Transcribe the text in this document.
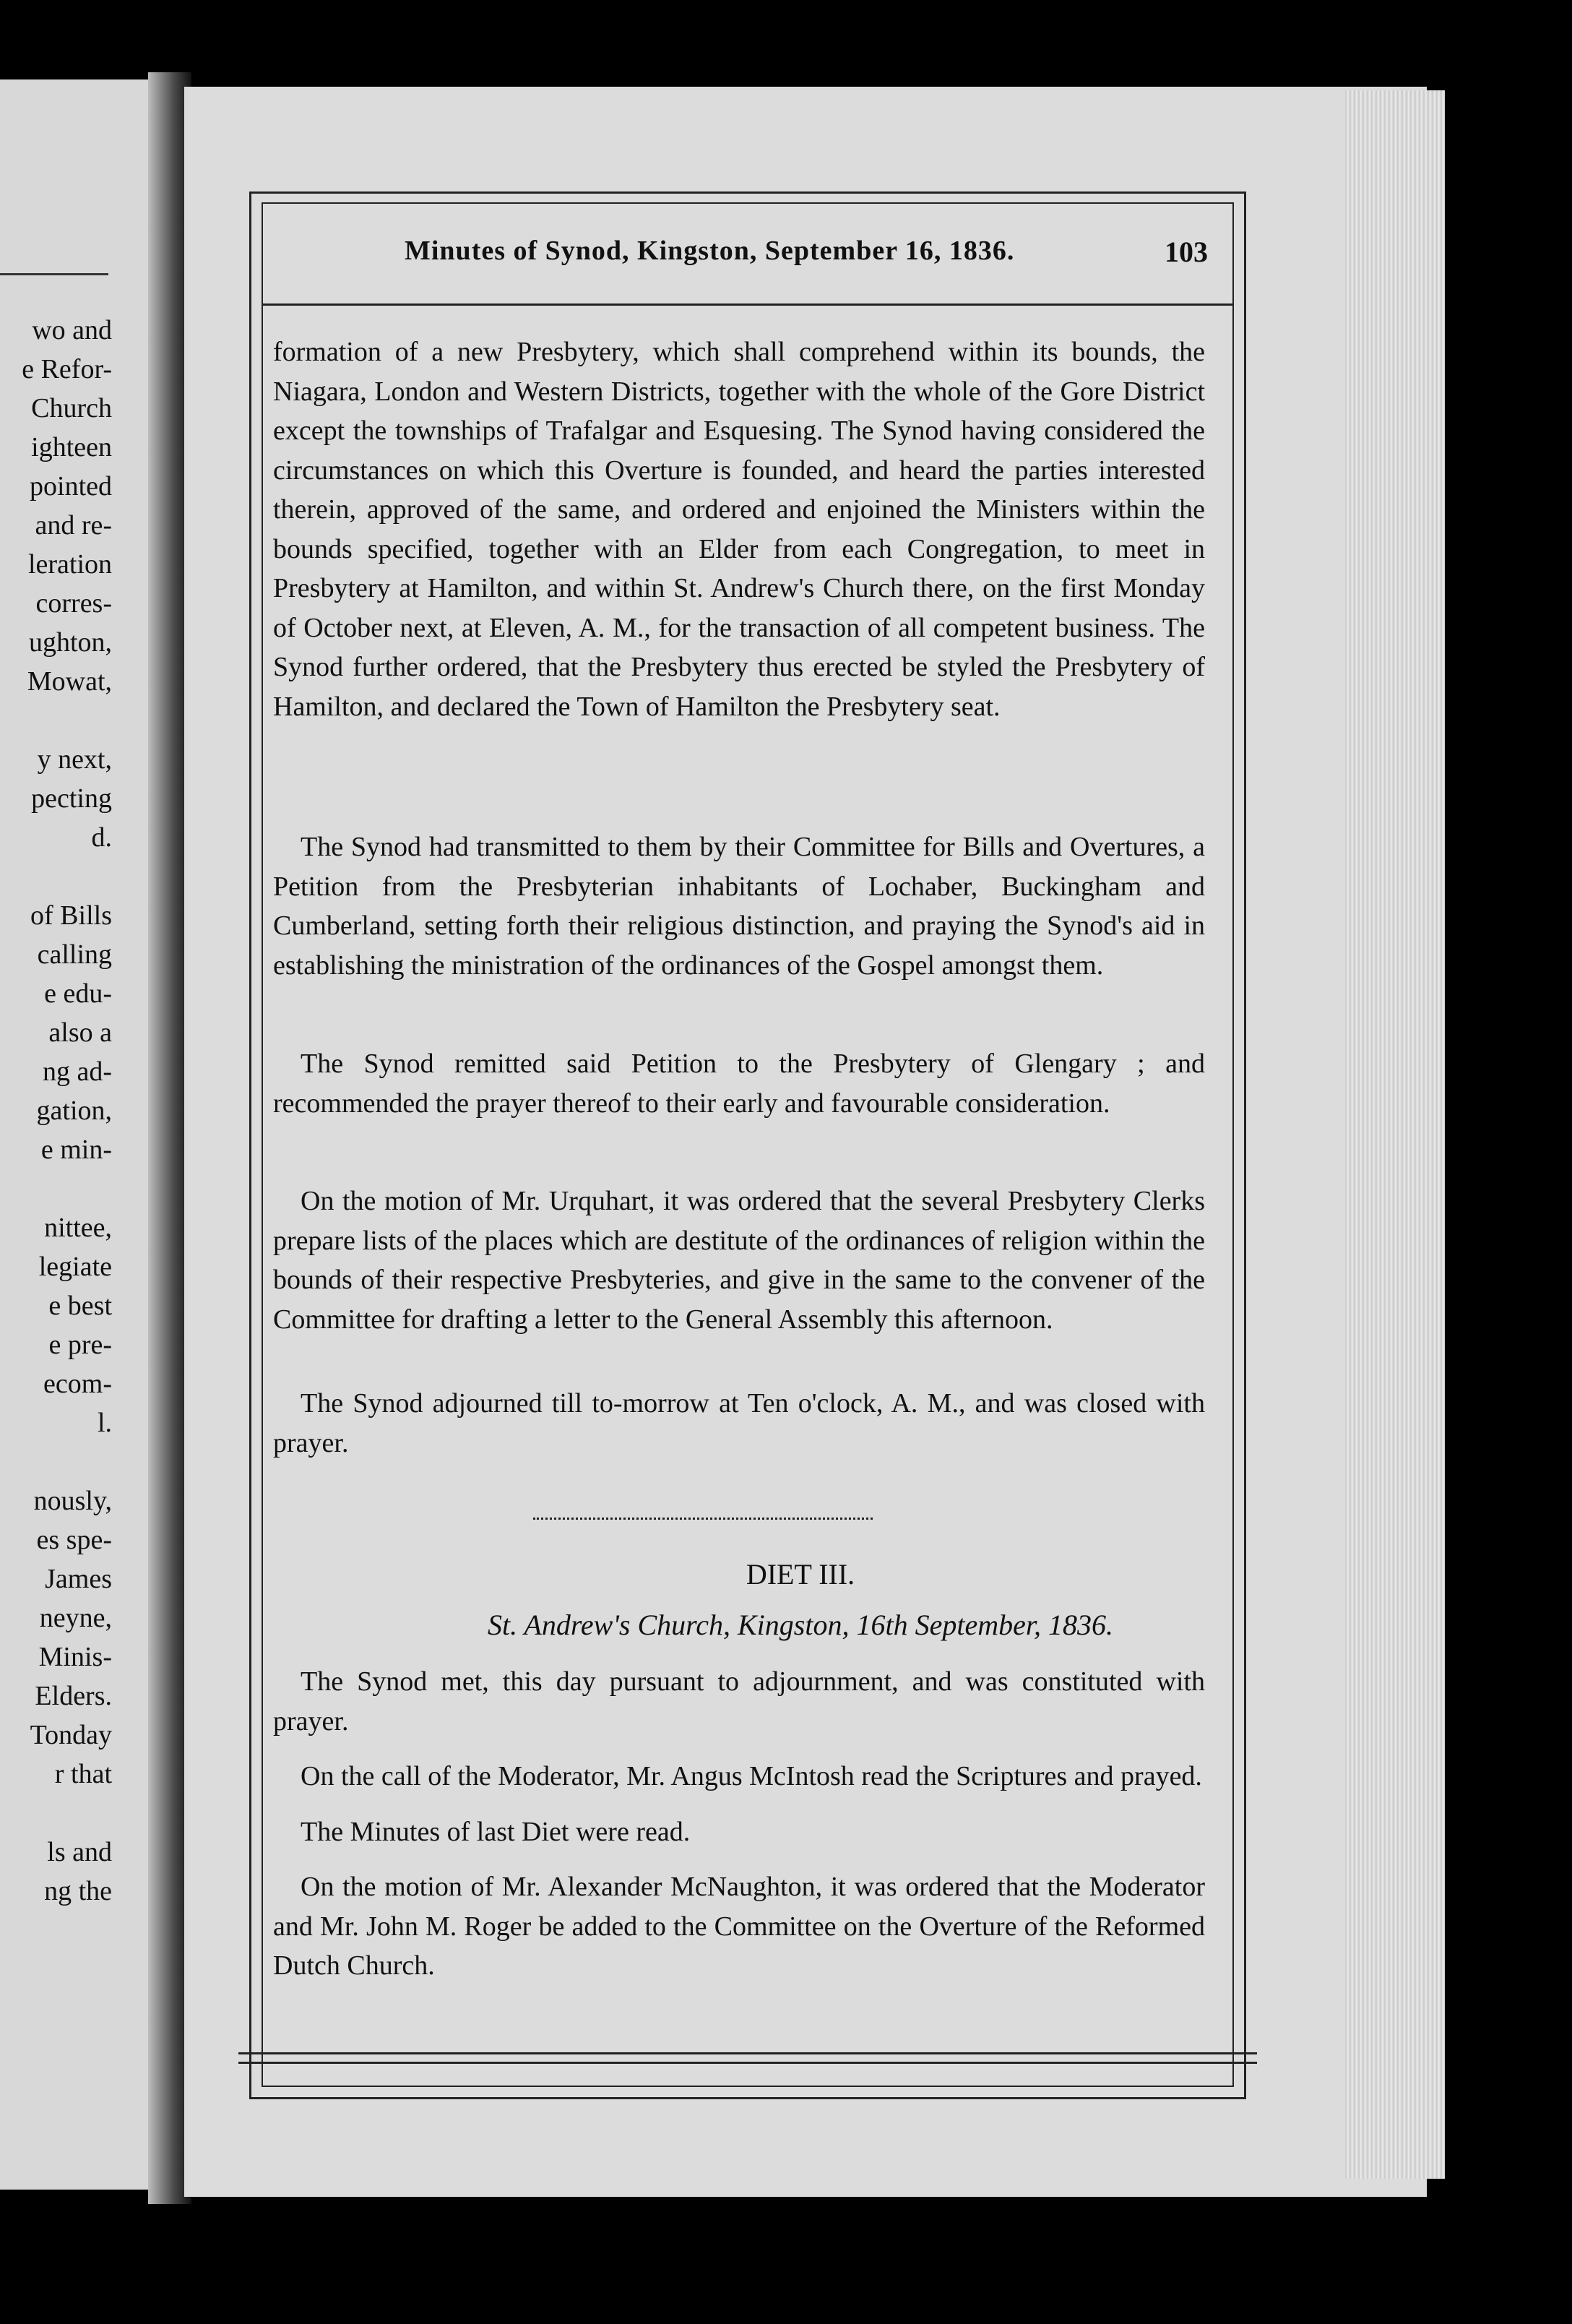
wo and
e Refor-
Church
ighteen
pointed
and re-
leration
corres-
ughton,
Mowat,
y next,
pecting
d.
of Bills
calling
e edu-
also a
ng ad-
gation,
e min-
nittee,
legiate
e best
e pre-
ecom-
l.
nously,
es spe-
James
neyne,
Minis-
Elders.
Tonday
r that
ls and
ng the
Minutes of Synod, Kingston, September 16, 1836.	103

formation of a new Presbytery, which shall comprehend within its bounds, the Niagara, London and Western Districts, together with the whole of the Gore District except the townships of Trafalgar and Esquesing. The Synod having considered the circumstances on which this Overture is founded, and heard the parties interested therein, approved of the same, and ordered and enjoined the Ministers within the bounds specified, together with an Elder from each Congregation, to meet in Presbytery at Hamilton, and within St. Andrew's Church there, on the first Monday of October next, at Eleven, A. M., for the transaction of all competent business. The Synod further ordered, that the Presbytery thus erected be styled the Presbytery of Hamilton, and declared the Town of Hamilton the Presbytery seat.

The Synod had transmitted to them by their Committee for Bills and Overtures, a Petition from the Presbyterian inhabitants of Lochaber, Buckingham and Cumberland, setting forth their religious distinction, and praying the Synod's aid in establishing the ministration of the ordinances of the Gospel amongst them.

The Synod remitted said Petition to the Presbytery of Glengary ; and recommended the prayer thereof to their early and favourable consideration.

On the motion of Mr. Urquhart, it was ordered that the several Presbytery Clerks prepare lists of the places which are destitute of the ordinances of religion within the bounds of their respective Presbyteries, and give in the same to the convener of the Committee for drafting a letter to the General Assembly this afternoon.

The Synod adjourned till to-morrow at Ten o'clock, A. M., and was closed with prayer.

DIET III.
St. Andrew's Church, Kingston, 16th September, 1836.

The Synod met, this day pursuant to adjournment, and was constituted with prayer.

On the call of the Moderator, Mr. Angus McIntosh read the Scriptures and prayed.

The Minutes of last Diet were read.

On the motion of Mr. Alexander McNaughton, it was ordered that the Moderator and Mr. John M. Roger be added to the Committee on the Overture of the Reformed Dutch Church.
